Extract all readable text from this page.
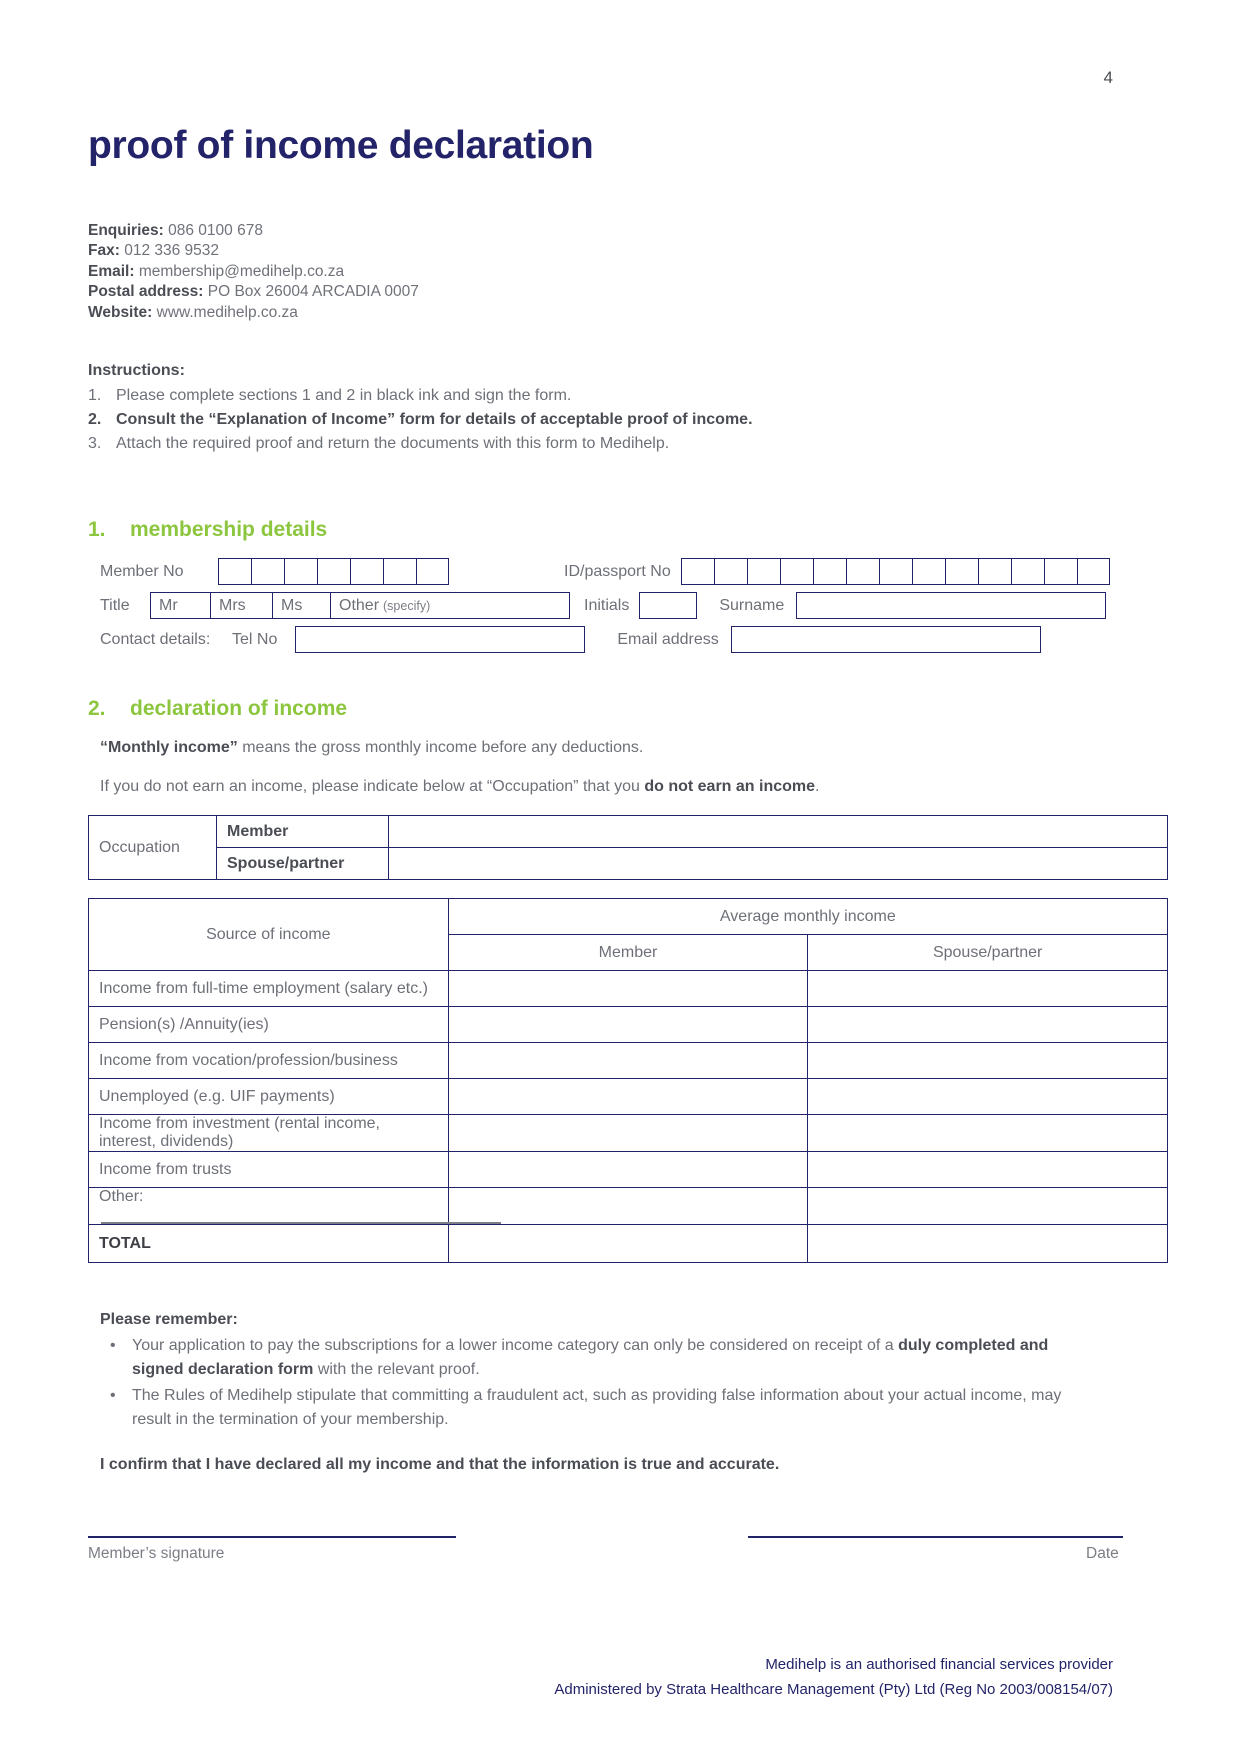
4
proof of income declaration
Enquiries: 086 0100 678
Fax: 012 336 9532
Email: membership@medihelp.co.za
Postal address: PO Box 26004 ARCADIA 0007
Website: www.medihelp.co.za
Instructions:
1. Please complete sections 1 and 2 in black ink and sign the form.
2. Consult the “Explanation of Income” form for details of acceptable proof of income.
3. Attach the required proof and return the documents with this form to Medihelp.
1.	membership details
Member No	ID/passport No
Title	Mr	Mrs	Ms	Other (specify)	Initials	Surname
Contact details:	Tel No	Email address
2.	declaration of income

“Monthly income” means the gross monthly income before any deductions.

If you do not earn an income, please indicate below at “Occupation” that you do not earn an income.

Occupation	Member	
	Spouse/partner	
Source of income	Average monthly income	
	Member	Spouse/partner
Income from full-time employment (salary etc.)		
Pension(s) /Annuity(ies)		
Income from vocation/profession/business		
Unemployed (e.g. UIF payments)		
Income from investment (rental income, interest, dividends)		
Income from trusts		
Other:		
TOTAL		
Please remember:
•	Your application to pay the subscriptions for a lower income category can only be considered on receipt of a duly completed and signed declaration form with the relevant proof.
•	The Rules of Medihelp stipulate that committing a fraudulent act, such as providing false information about your actual income, may result in the termination of your membership.
I confirm that I have declared all my income and that the information is true and accurate.
Member’s signature	Date
Medihelp is an authorised financial services provider
Administered by Strata Healthcare Management (Pty) Ltd (Reg No 2003/008154/07)
